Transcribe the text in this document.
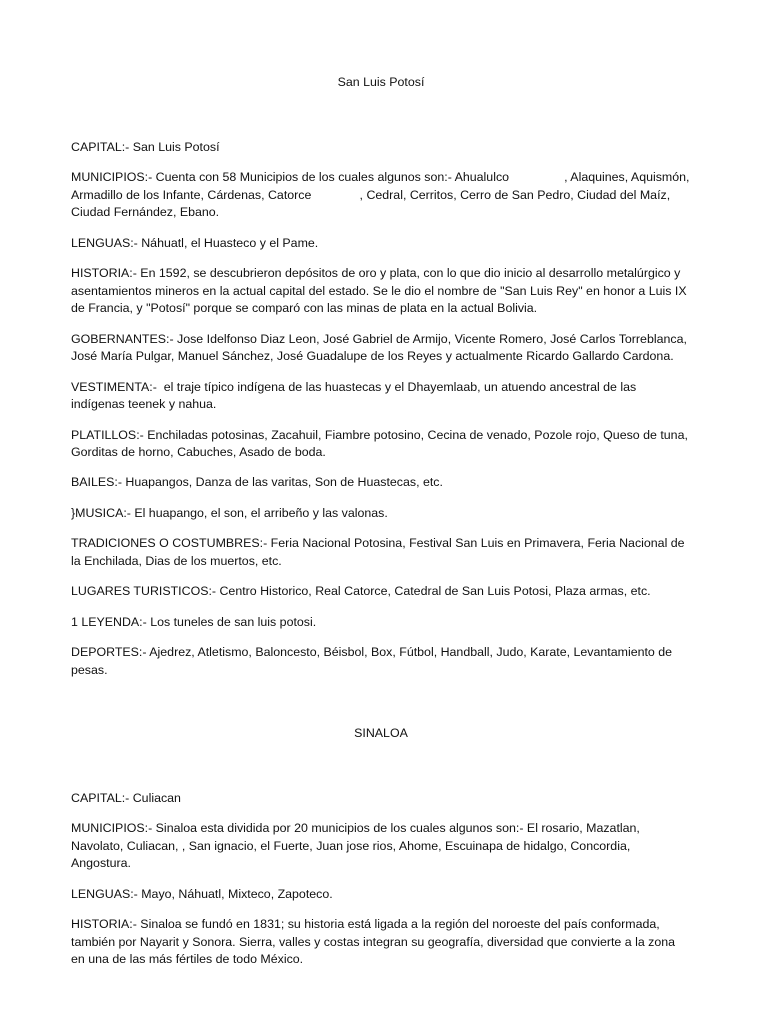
San Luis Potosí

CAPITAL:- San Luis Potosí

MUNICIPIOS:- Cuenta con 58 Municipios de los cuales algunos son:- Ahualulco                , Alaquines, Aquismón, Armadillo de los Infante, Cárdenas, Catorce              , Cedral, Cerritos, Cerro de San Pedro, Ciudad del Maíz, Ciudad Fernández, Ebano.

LENGUAS:- Náhuatl, el Huasteco y el Pame.

HISTORIA:- En 1592, se descubrieron depósitos de oro y plata, con lo que dio inicio al desarrollo metalúrgico y asentamientos mineros en la actual capital del estado. Se le dio el nombre de "San Luis Rey" en honor a Luis IX de Francia, y "Potosí" porque se comparó con las minas de plata en la actual Bolivia.

GOBERNANTES:- Jose Idelfonso Diaz Leon, José Gabriel de Armijo, Vicente Romero, José Carlos Torreblanca, José María Pulgar, Manuel Sánchez, José Guadalupe de los Reyes y actualmente Ricardo Gallardo Cardona.

VESTIMENTA:-  el traje típico indígena de las huastecas y el Dhayemlaab, un atuendo ancestral de las indígenas teenek y nahua.

PLATILLOS:- Enchiladas potosinas, Zacahuil, Fiambre potosino, Cecina de venado, Pozole rojo, Queso de tuna, Gorditas de horno, Cabuches, Asado de boda.

BAILES:- Huapangos, Danza de las varitas, Son de Huastecas, etc.

}MUSICA:- El huapango, el son, el arribeño y las valonas.

TRADICIONES O COSTUMBRES:- Feria Nacional Potosina, Festival San Luis en Primavera, Feria Nacional de la Enchilada, Dias de los muertos, etc.

LUGARES TURISTICOS:- Centro Historico, Real Catorce, Catedral de San Luis Potosi, Plaza armas, etc.

1 LEYENDA:- Los tuneles de san luis potosi.

DEPORTES:- Ajedrez, Atletismo, Baloncesto, Béisbol, Box, Fútbol, Handball, Judo, Karate, Levantamiento de pesas.

SINALOA

CAPITAL:- Culiacan

MUNICIPIOS:- Sinaloa esta dividida por 20 municipios de los cuales algunos son:- El rosario, Mazatlan, Navolato, Culiacan, , San ignacio, el Fuerte, Juan jose rios, Ahome, Escuinapa de hidalgo, Concordia, Angostura.

LENGUAS:- Mayo, Náhuatl, Mixteco, Zapoteco.

HISTORIA:- Sinaloa se fundó en 1831; su historia está ligada a la región del noroeste del país conformada, también por Nayarit y Sonora. Sierra, valles y costas integran su geografía, diversidad que convierte a la zona en una de las más fértiles de todo México.
